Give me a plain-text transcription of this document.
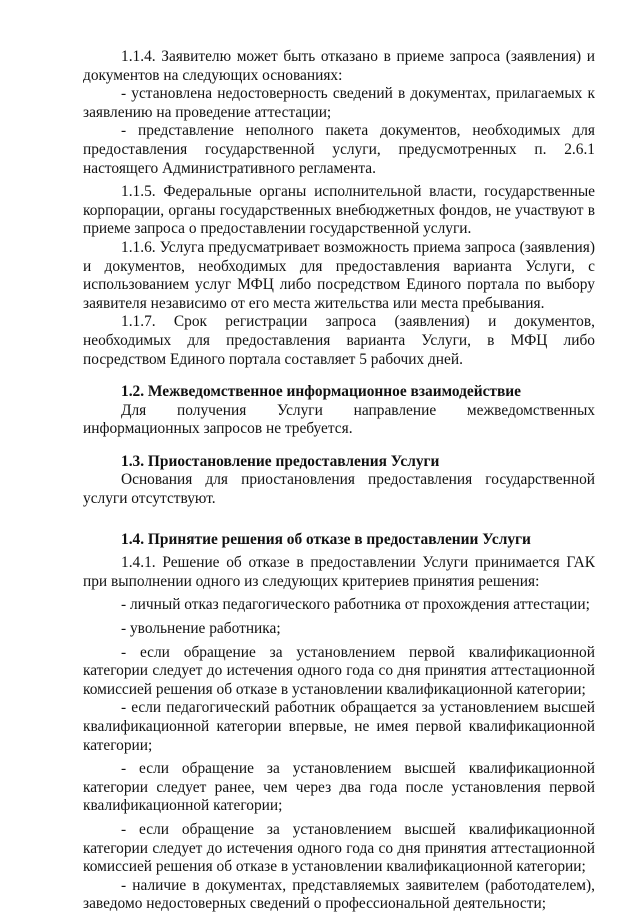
1.1.4. Заявителю может быть отказано в приеме запроса (заявления) и документов на следующих основаниях:

- установлена недостоверность сведений в документах, прилагаемых к заявлению на проведение аттестации;

- представление неполного пакета документов, необходимых для предоставления государственной услуги, предусмотренных п. 2.6.1 настоящего Административного регламента.

1.1.5. Федеральные органы исполнительной власти, государственные корпорации, органы государственных внебюджетных фондов, не участвуют в приеме запроса о предоставлении государственной услуги.

1.1.6. Услуга предусматривает возможность приема запроса (заявления) и документов, необходимых для предоставления варианта Услуги, с использованием услуг МФЦ либо посредством Единого портала по выбору заявителя независимо от его места жительства или места пребывания.

1.1.7. Срок регистрации запроса (заявления) и документов, необходимых для предоставления варианта Услуги, в МФЦ либо посредством Единого портала составляет 5 рабочих дней.

1.2. Межведомственное информационное взаимодействие

Для получения Услуги направление межведомственных информационных запросов не требуется.

1.3. Приостановление предоставления Услуги

Основания для приостановления предоставления государственной услуги отсутствуют.

1.4. Принятие решения об отказе в предоставлении Услуги

1.4.1. Решение об отказе в предоставлении Услуги принимается ГАК при выполнении одного из следующих критериев принятия решения:

- личный отказ педагогического работника от прохождения аттестации;

- увольнение работника;

- если обращение за установлением первой квалификационной категории следует до истечения одного года со дня принятия аттестационной комиссией решения об отказе в установлении квалификационной категории;

- если педагогический работник обращается за установлением высшей квалификационной категории впервые, не имея первой квалификационной категории;

- если обращение за установлением высшей квалификационной категории следует ранее, чем через два года после установления первой квалификационной категории;

- если обращение за установлением высшей квалификационной категории следует до истечения одного года со дня принятия аттестационной комиссией решения об отказе в установлении квалификационной категории;

- наличие в документах, представляемых заявителем (работодателем), заведомо недостоверных сведений о профессиональной деятельности;
